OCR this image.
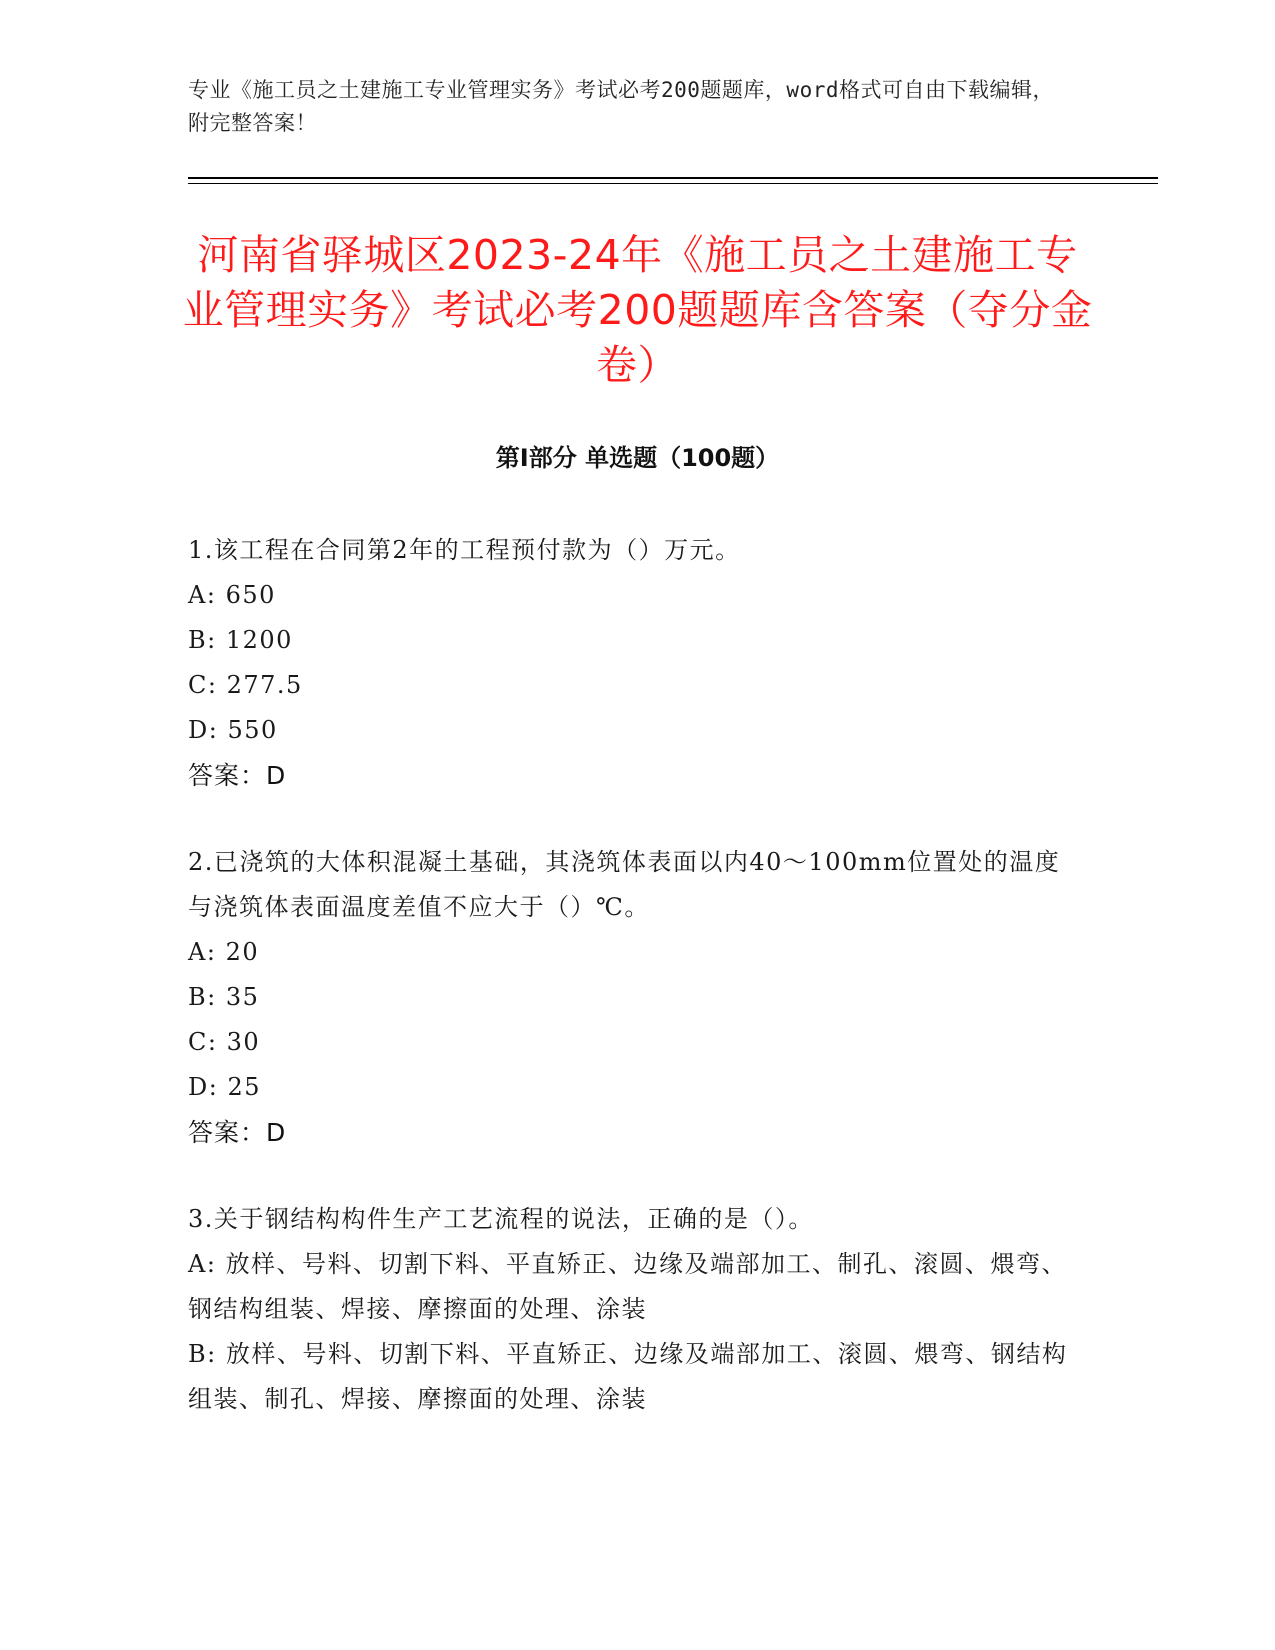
专业《施工员之土建施工专业管理实务》考试必考200题题库，word格式可自由下载编辑，附完整答案！
河南省驿城区2023-24年《施工员之土建施工专业管理实务》考试必考200题题库含答案（夺分金卷）
第Ⅰ部分 单选题（100题）
1.该工程在合同第2年的工程预付款为（）万元。
A: 650
B: 1200
C: 277.5
D: 550
答案：D
2.已浇筑的大体积混凝土基础，其浇筑体表面以内40～100mm位置处的温度与浇筑体表面温度差值不应大于（）℃。
A: 20
B: 35
C: 30
D: 25
答案：D
3.关于钢结构构件生产工艺流程的说法，正确的是（）。
A: 放样、号料、切割下料、平直矫正、边缘及端部加工、制孔、滚圆、煨弯、钢结构组装、焊接、摩擦面的处理、涂装
B: 放样、号料、切割下料、平直矫正、边缘及端部加工、滚圆、煨弯、钢结构组装、制孔、焊接、摩擦面的处理、涂装
